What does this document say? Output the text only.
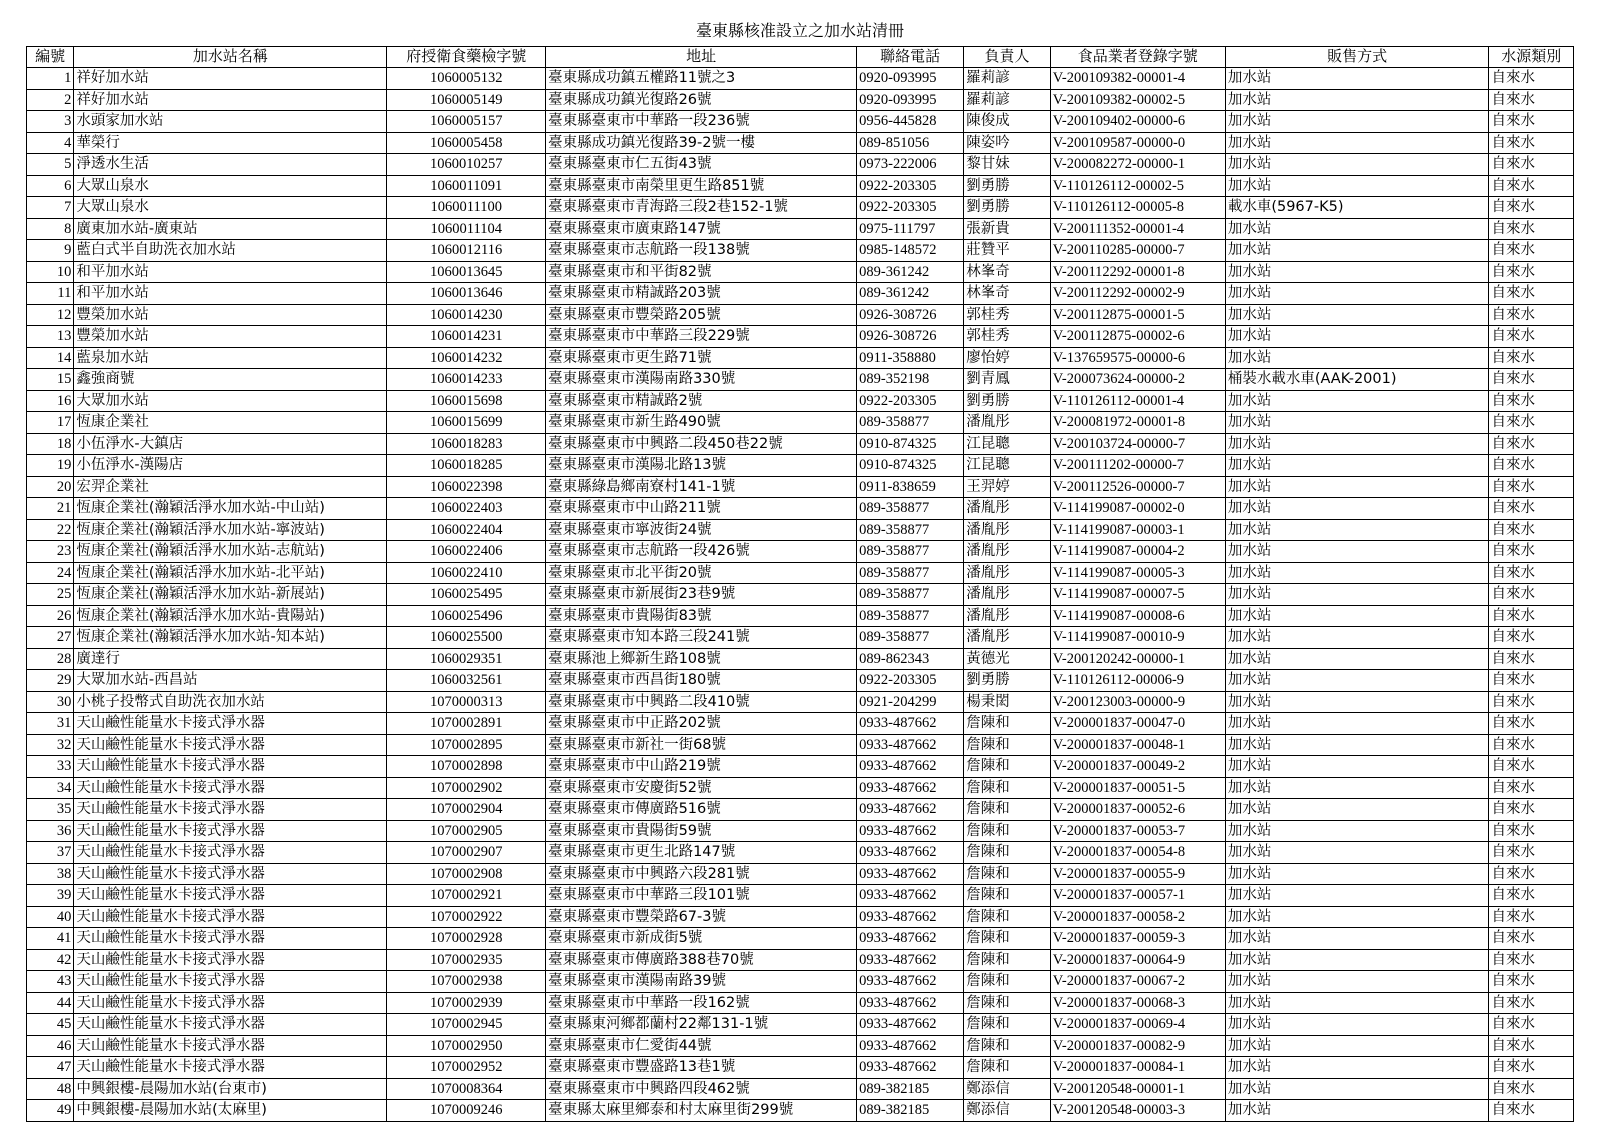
臺東縣核准設立之加水站清冊
編號	加水站名稱	府授衛食藥檢字號	地址	聯絡電話	負責人	食品業者登錄字號	販售方式	水源類別
1	祥好加水站	1060005132	臺東縣成功鎮五權路11號之3	0920-093995	羅莉諺	V-200109382-00001-4	加水站	自來水
2	祥好加水站	1060005149	臺東縣成功鎮光復路26號	0920-093995	羅莉諺	V-200109382-00002-5	加水站	自來水
3	水頭家加水站	1060005157	臺東縣臺東市中華路一段236號	0956-445828	陳俊成	V-200109402-00000-6	加水站	自來水
4	華榮行	1060005458	臺東縣成功鎮光復路39-2號一樓	089-851056	陳姿吟	V-200109587-00000-0	加水站	自來水
5	淨透水生活	1060010257	臺東縣臺東市仁五街43號	0973-222006	黎甘妹	V-200082272-00000-1	加水站	自來水
6	大眾山泉水	1060011091	臺東縣臺東市南榮里更生路851號	0922-203305	劉勇勝	V-110126112-00002-5	加水站	自來水
7	大眾山泉水	1060011100	臺東縣臺東市青海路三段2巷152-1號	0922-203305	劉勇勝	V-110126112-00005-8	載水車(5967-K5)	自來水
8	廣東加水站-廣東站	1060011104	臺東縣臺東市廣東路147號	0975-111797	張新貴	V-200111352-00001-4	加水站	自來水
9	藍白式半自助洗衣加水站	1060012116	臺東縣臺東市志航路一段138號	0985-148572	莊贊平	V-200110285-00000-7	加水站	自來水
10	和平加水站	1060013645	臺東縣臺東市和平街82號	089-361242	林峯奇	V-200112292-00001-8	加水站	自來水
11	和平加水站	1060013646	臺東縣臺東市精誠路203號	089-361242	林峯奇	V-200112292-00002-9	加水站	自來水
12	豐榮加水站	1060014230	臺東縣臺東市豐榮路205號	0926-308726	郭桂秀	V-200112875-00001-5	加水站	自來水
13	豐榮加水站	1060014231	臺東縣臺東市中華路三段229號	0926-308726	郭桂秀	V-200112875-00002-6	加水站	自來水
14	藍泉加水站	1060014232	臺東縣臺東市更生路71號	0911-358880	廖怡婷	V-137659575-00000-6	加水站	自來水
15	鑫強商號	1060014233	臺東縣臺東市漢陽南路330號	089-352198	劉青鳳	V-200073624-00000-2	桶裝水載水車(AAK-2001)	自來水
16	大眾加水站	1060015698	臺東縣臺東市精誠路2號	0922-203305	劉勇勝	V-110126112-00001-4	加水站	自來水
17	恆康企業社	1060015699	臺東縣臺東市新生路490號	089-358877	潘胤彤	V-200081972-00001-8	加水站	自來水
18	小伍淨水-大鎮店	1060018283	臺東縣臺東市中興路二段450巷22號	0910-874325	江昆聰	V-200103724-00000-7	加水站	自來水
19	小伍淨水-漢陽店	1060018285	臺東縣臺東市漢陽北路13號	0910-874325	江昆聰	V-200111202-00000-7	加水站	自來水
20	宏羿企業社	1060022398	臺東縣綠島鄉南寮村141-1號	0911-838659	王羿婷	V-200112526-00000-7	加水站	自來水
21	恆康企業社(瀚穎活淨水加水站-中山站)	1060022403	臺東縣臺東市中山路211號	089-358877	潘胤彤	V-114199087-00002-0	加水站	自來水
22	恆康企業社(瀚穎活淨水加水站-寧波站)	1060022404	臺東縣臺東市寧波街24號	089-358877	潘胤彤	V-114199087-00003-1	加水站	自來水
23	恆康企業社(瀚穎活淨水加水站-志航站)	1060022406	臺東縣臺東市志航路一段426號	089-358877	潘胤彤	V-114199087-00004-2	加水站	自來水
24	恆康企業社(瀚穎活淨水加水站-北平站)	1060022410	臺東縣臺東市北平街20號	089-358877	潘胤彤	V-114199087-00005-3	加水站	自來水
25	恆康企業社(瀚穎活淨水加水站-新展站)	1060025495	臺東縣臺東市新展街23巷9號	089-358877	潘胤彤	V-114199087-00007-5	加水站	自來水
26	恆康企業社(瀚穎活淨水加水站-貴陽站)	1060025496	臺東縣臺東市貴陽街83號	089-358877	潘胤彤	V-114199087-00008-6	加水站	自來水
27	恆康企業社(瀚穎活淨水加水站-知本站)	1060025500	臺東縣臺東市知本路三段241號	089-358877	潘胤彤	V-114199087-00010-9	加水站	自來水
28	廣達行	1060029351	臺東縣池上鄉新生路108號	089-862343	黃德光	V-200120242-00000-1	加水站	自來水
29	大眾加水站-西昌站	1060032561	臺東縣臺東市西昌街180號	0922-203305	劉勇勝	V-110126112-00006-9	加水站	自來水
30	小桃子投幣式自助洗衣加水站	1070000313	臺東縣臺東市中興路二段410號	0921-204299	楊秉閎	V-200123003-00000-9	加水站	自來水
31	天山鹼性能量水卡接式淨水器	1070002891	臺東縣臺東市中正路202號	0933-487662	詹陳和	V-200001837-00047-0	加水站	自來水
32	天山鹼性能量水卡接式淨水器	1070002895	臺東縣臺東市新社一街68號	0933-487662	詹陳和	V-200001837-00048-1	加水站	自來水
33	天山鹼性能量水卡接式淨水器	1070002898	臺東縣臺東市中山路219號	0933-487662	詹陳和	V-200001837-00049-2	加水站	自來水
34	天山鹼性能量水卡接式淨水器	1070002902	臺東縣臺東市安慶街52號	0933-487662	詹陳和	V-200001837-00051-5	加水站	自來水
35	天山鹼性能量水卡接式淨水器	1070002904	臺東縣臺東市傳廣路516號	0933-487662	詹陳和	V-200001837-00052-6	加水站	自來水
36	天山鹼性能量水卡接式淨水器	1070002905	臺東縣臺東市貴陽街59號	0933-487662	詹陳和	V-200001837-00053-7	加水站	自來水
37	天山鹼性能量水卡接式淨水器	1070002907	臺東縣臺東市更生北路147號	0933-487662	詹陳和	V-200001837-00054-8	加水站	自來水
38	天山鹼性能量水卡接式淨水器	1070002908	臺東縣臺東市中興路六段281號	0933-487662	詹陳和	V-200001837-00055-9	加水站	自來水
39	天山鹼性能量水卡接式淨水器	1070002921	臺東縣臺東市中華路三段101號	0933-487662	詹陳和	V-200001837-00057-1	加水站	自來水
40	天山鹼性能量水卡接式淨水器	1070002922	臺東縣臺東市豐榮路67-3號	0933-487662	詹陳和	V-200001837-00058-2	加水站	自來水
41	天山鹼性能量水卡接式淨水器	1070002928	臺東縣臺東市新成街5號	0933-487662	詹陳和	V-200001837-00059-3	加水站	自來水
42	天山鹼性能量水卡接式淨水器	1070002935	臺東縣臺東市傳廣路388巷70號	0933-487662	詹陳和	V-200001837-00064-9	加水站	自來水
43	天山鹼性能量水卡接式淨水器	1070002938	臺東縣臺東市漢陽南路39號	0933-487662	詹陳和	V-200001837-00067-2	加水站	自來水
44	天山鹼性能量水卡接式淨水器	1070002939	臺東縣臺東市中華路一段162號	0933-487662	詹陳和	V-200001837-00068-3	加水站	自來水
45	天山鹼性能量水卡接式淨水器	1070002945	臺東縣東河鄉都蘭村22鄰131-1號	0933-487662	詹陳和	V-200001837-00069-4	加水站	自來水
46	天山鹼性能量水卡接式淨水器	1070002950	臺東縣臺東市仁愛街44號	0933-487662	詹陳和	V-200001837-00082-9	加水站	自來水
47	天山鹼性能量水卡接式淨水器	1070002952	臺東縣臺東市豐盛路13巷1號	0933-487662	詹陳和	V-200001837-00084-1	加水站	自來水
48	中興銀樓-晨陽加水站(台東市)	1070008364	臺東縣臺東市中興路四段462號	089-382185	鄭添信	V-200120548-00001-1	加水站	自來水
49	中興銀樓-晨陽加水站(太麻里)	1070009246	臺東縣太麻里鄉泰和村太麻里街299號	089-382185	鄭添信	V-200120548-00003-3	加水站	自來水
